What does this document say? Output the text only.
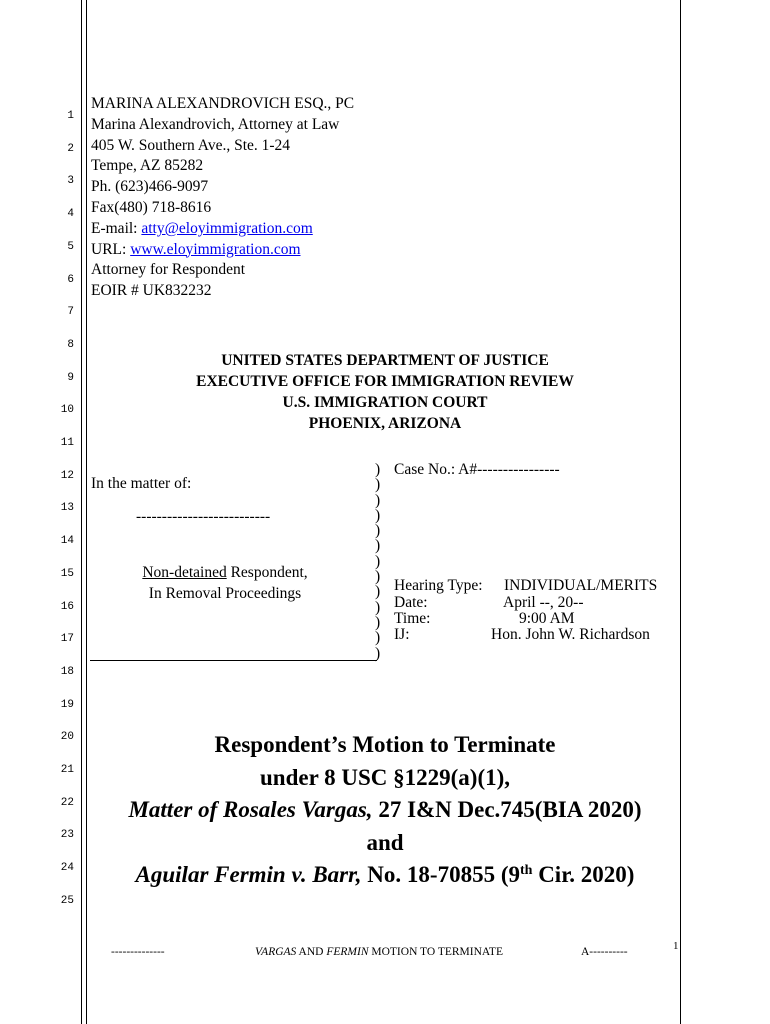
1
2
3
4
5
6
7
8
9
10
11
12
13
14
15
16
17
18
19
20
21
22
23
24
25
MARINA ALEXANDROVICH ESQ., PC
Marina Alexandrovich, Attorney at Law
405 W. Southern Ave., Ste. 1-24
Tempe, AZ 85282
Ph. (623)466-9097
Fax(480) 718-8616
E-mail: atty@eloyimmigration.com
URL: www.eloyimmigration.com
Attorney for Respondent
EOIR # UK832232
UNITED STATES DEPARTMENT OF JUSTICE
EXECUTIVE OFFICE FOR IMMIGRATION REVIEW
U.S. IMMIGRATION COURT
PHOENIX, ARIZONA
In the matter of:
--------------------------
Non-detained Respondent,
In Removal Proceedings
)
)
)
)
)
)
)
)
)
)
)
)
)
Case No.: A#----------------
Hearing Type: INDIVIDUAL/MERITS
Date:	April --, 20--
Time:	9:00 AM
IJ:	Hon. John W. Richardson
Respondent’s Motion to Terminate
under 8 USC §1229(a)(1),
Matter of Rosales Vargas, 27 I&N Dec.745(BIA 2020)
and
Aguilar Fermin v. Barr, No. 18-70855 (9th Cir. 2020)
--------------	VARGAS AND FERMIN MOTION TO TERMINATE	A----------	1
